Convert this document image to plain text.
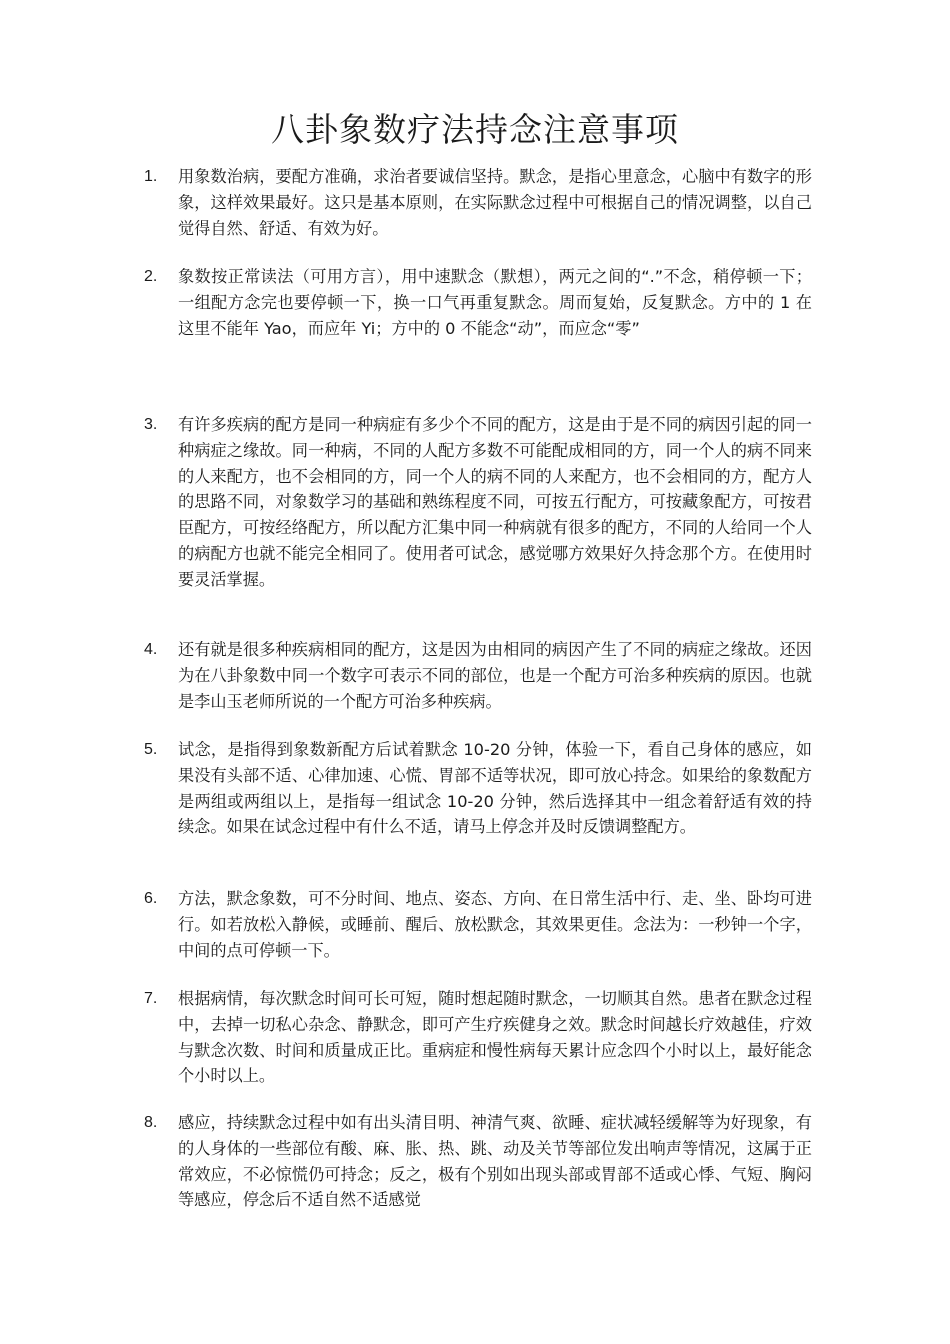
八卦象数疗法持念注意事项
1.	用象数治病，要配方准确，求治者要诚信坚持。默念，是指心里意念，心脑中有数字的形象，这样效果最好。这只是基本原则，在实际默念过程中可根据自己的情况调整，以自己觉得自然、舒适、有效为好。

2.	象数按正常读法（可用方言），用中速默念（默想），两元之间的“.”不念，稍停顿一下；一组配方念完也要停顿一下，换一口气再重复默念。周而复始，反复默念。方中的 1 在这里不能年 Yao，而应年 Yi；方中的 0 不能念“动”，而应念“零”

3.	有许多疾病的配方是同一种病症有多少个不同的配方，这是由于是不同的病因引起的同一种病症之缘故。同一种病，不同的人配方多数不可能配成相同的方，同一个人的病不同来的人来配方，也不会相同的方，同一个人的病不同的人来配方，也不会相同的方，配方人的思路不同，对象数学习的基础和熟练程度不同，可按五行配方，可按藏象配方，可按君臣配方，可按经络配方，所以配方汇集中同一种病就有很多的配方，不同的人给同一个人的病配方也就不能完全相同了。使用者可试念，感觉哪方效果好久持念那个方。在使用时要灵活掌握。

4.	还有就是很多种疾病相同的配方，这是因为由相同的病因产生了不同的病症之缘故。还因为在八卦象数中同一个数字可表示不同的部位，也是一个配方可治多种疾病的原因。也就是李山玉老师所说的一个配方可治多种疾病。

5.	试念，是指得到象数新配方后试着默念 10-20 分钟，体验一下，看自己身体的感应，如果没有头部不适、心律加速、心慌、胃部不适等状况，即可放心持念。如果给的象数配方是两组或两组以上，是指每一组试念 10-20 分钟，然后选择其中一组念着舒适有效的持续念。如果在试念过程中有什么不适，请马上停念并及时反馈调整配方。

6.	方法，默念象数，可不分时间、地点、姿态、方向、在日常生活中行、走、坐、卧均可进行。如若放松入静候，或睡前、醒后、放松默念，其效果更佳。念法为：一秒钟一个字，中间的点可停顿一下。

7.	根据病情，每次默念时间可长可短，随时想起随时默念，一切顺其自然。患者在默念过程中，去掉一切私心杂念、静默念，即可产生疗疾健身之效。默念时间越长疗效越佳，疗效与默念次数、时间和质量成正比。重病症和慢性病每天累计应念四个小时以上，最好能念个小时以上。

8.	感应，持续默念过程中如有出头清目明、神清气爽、欲睡、症状减轻缓解等为好现象，有的人身体的一些部位有酸、麻、胀、热、跳、动及关节等部位发出响声等情况，这属于正常效应，不必惊慌仍可持念；反之，极有个别如出现头部或胃部不适或心悸、气短、胸闷等感应，停念后不适自然不适感觉
